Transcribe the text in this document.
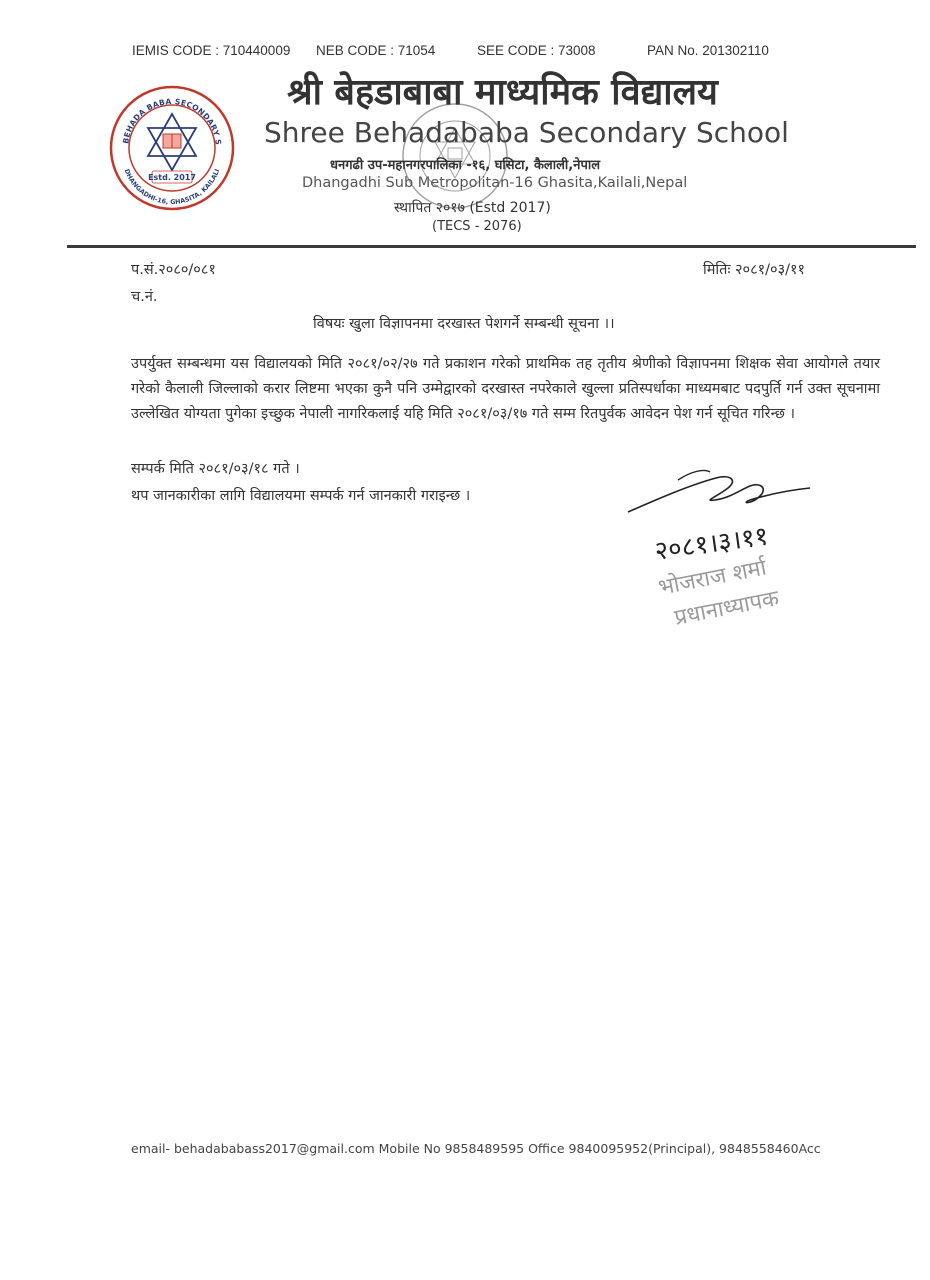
IEMIS CODE : 710440009 NEB CODE : 71054	SEE CODE : 73008	PAN No. 201302110
BEHADA BABA SECONDARY S
DHANGADHI-16, GHASITA, KAILALI
Estd. 2017
श्री बेहडाबाबा माध्यमिक विद्यालय
Shree Behadababa Secondary School
धनगढी उप-महानगरपालिका -१६, घसिटा, कैलाली,नेपाल
Dhangadhi Sub Metropolitan-16 Ghasita,Kailali,Nepal
स्थापित २०१७ (Estd 2017)
(TECS - 2076)
प.सं.२०८०/०८१
च.नं.
मितिः २०८१/०३/११
विषयः खुला विज्ञापनमा दरखास्त पेशगर्ने सम्बन्धी सूचना ।।
उपर्युक्त सम्बन्धमा यस विद्यालयको मिति २०८१/०२/२७ गते प्रकाशन गरेको प्राथमिक तह तृतीय श्रेणीको विज्ञापनमा शिक्षक सेवा आयोगले तयार गरेको कैलाली जिल्लाको करार लिष्टमा भएका कुनै पनि उम्मेद्वारको दरखास्त नपरेकाले खुल्ला प्रतिस्पर्धाका माध्यमबाट पदपुर्ति गर्न उक्त सूचनामा उल्लेखित योग्यता पुगेका इच्छुक नेपाली नागरिकलाई यहि मिति २०८१/०३/१७ गते सम्म रितपुर्वक आवेदन पेश गर्न सूचित गरिन्छ ।
सम्पर्क मिति २०८१/०३/१८ गते ।
थप जानकारीका लागि विद्यालयमा सम्पर्क गर्न जानकारी गराइन्छ ।
२०८१।३।११
भोजराज शर्मा
प्रधानाध्यापक
email- behadababass2017@gmail.com Mobile No 9858489595 Office 9840095952(Principal), 9848558460Acc
